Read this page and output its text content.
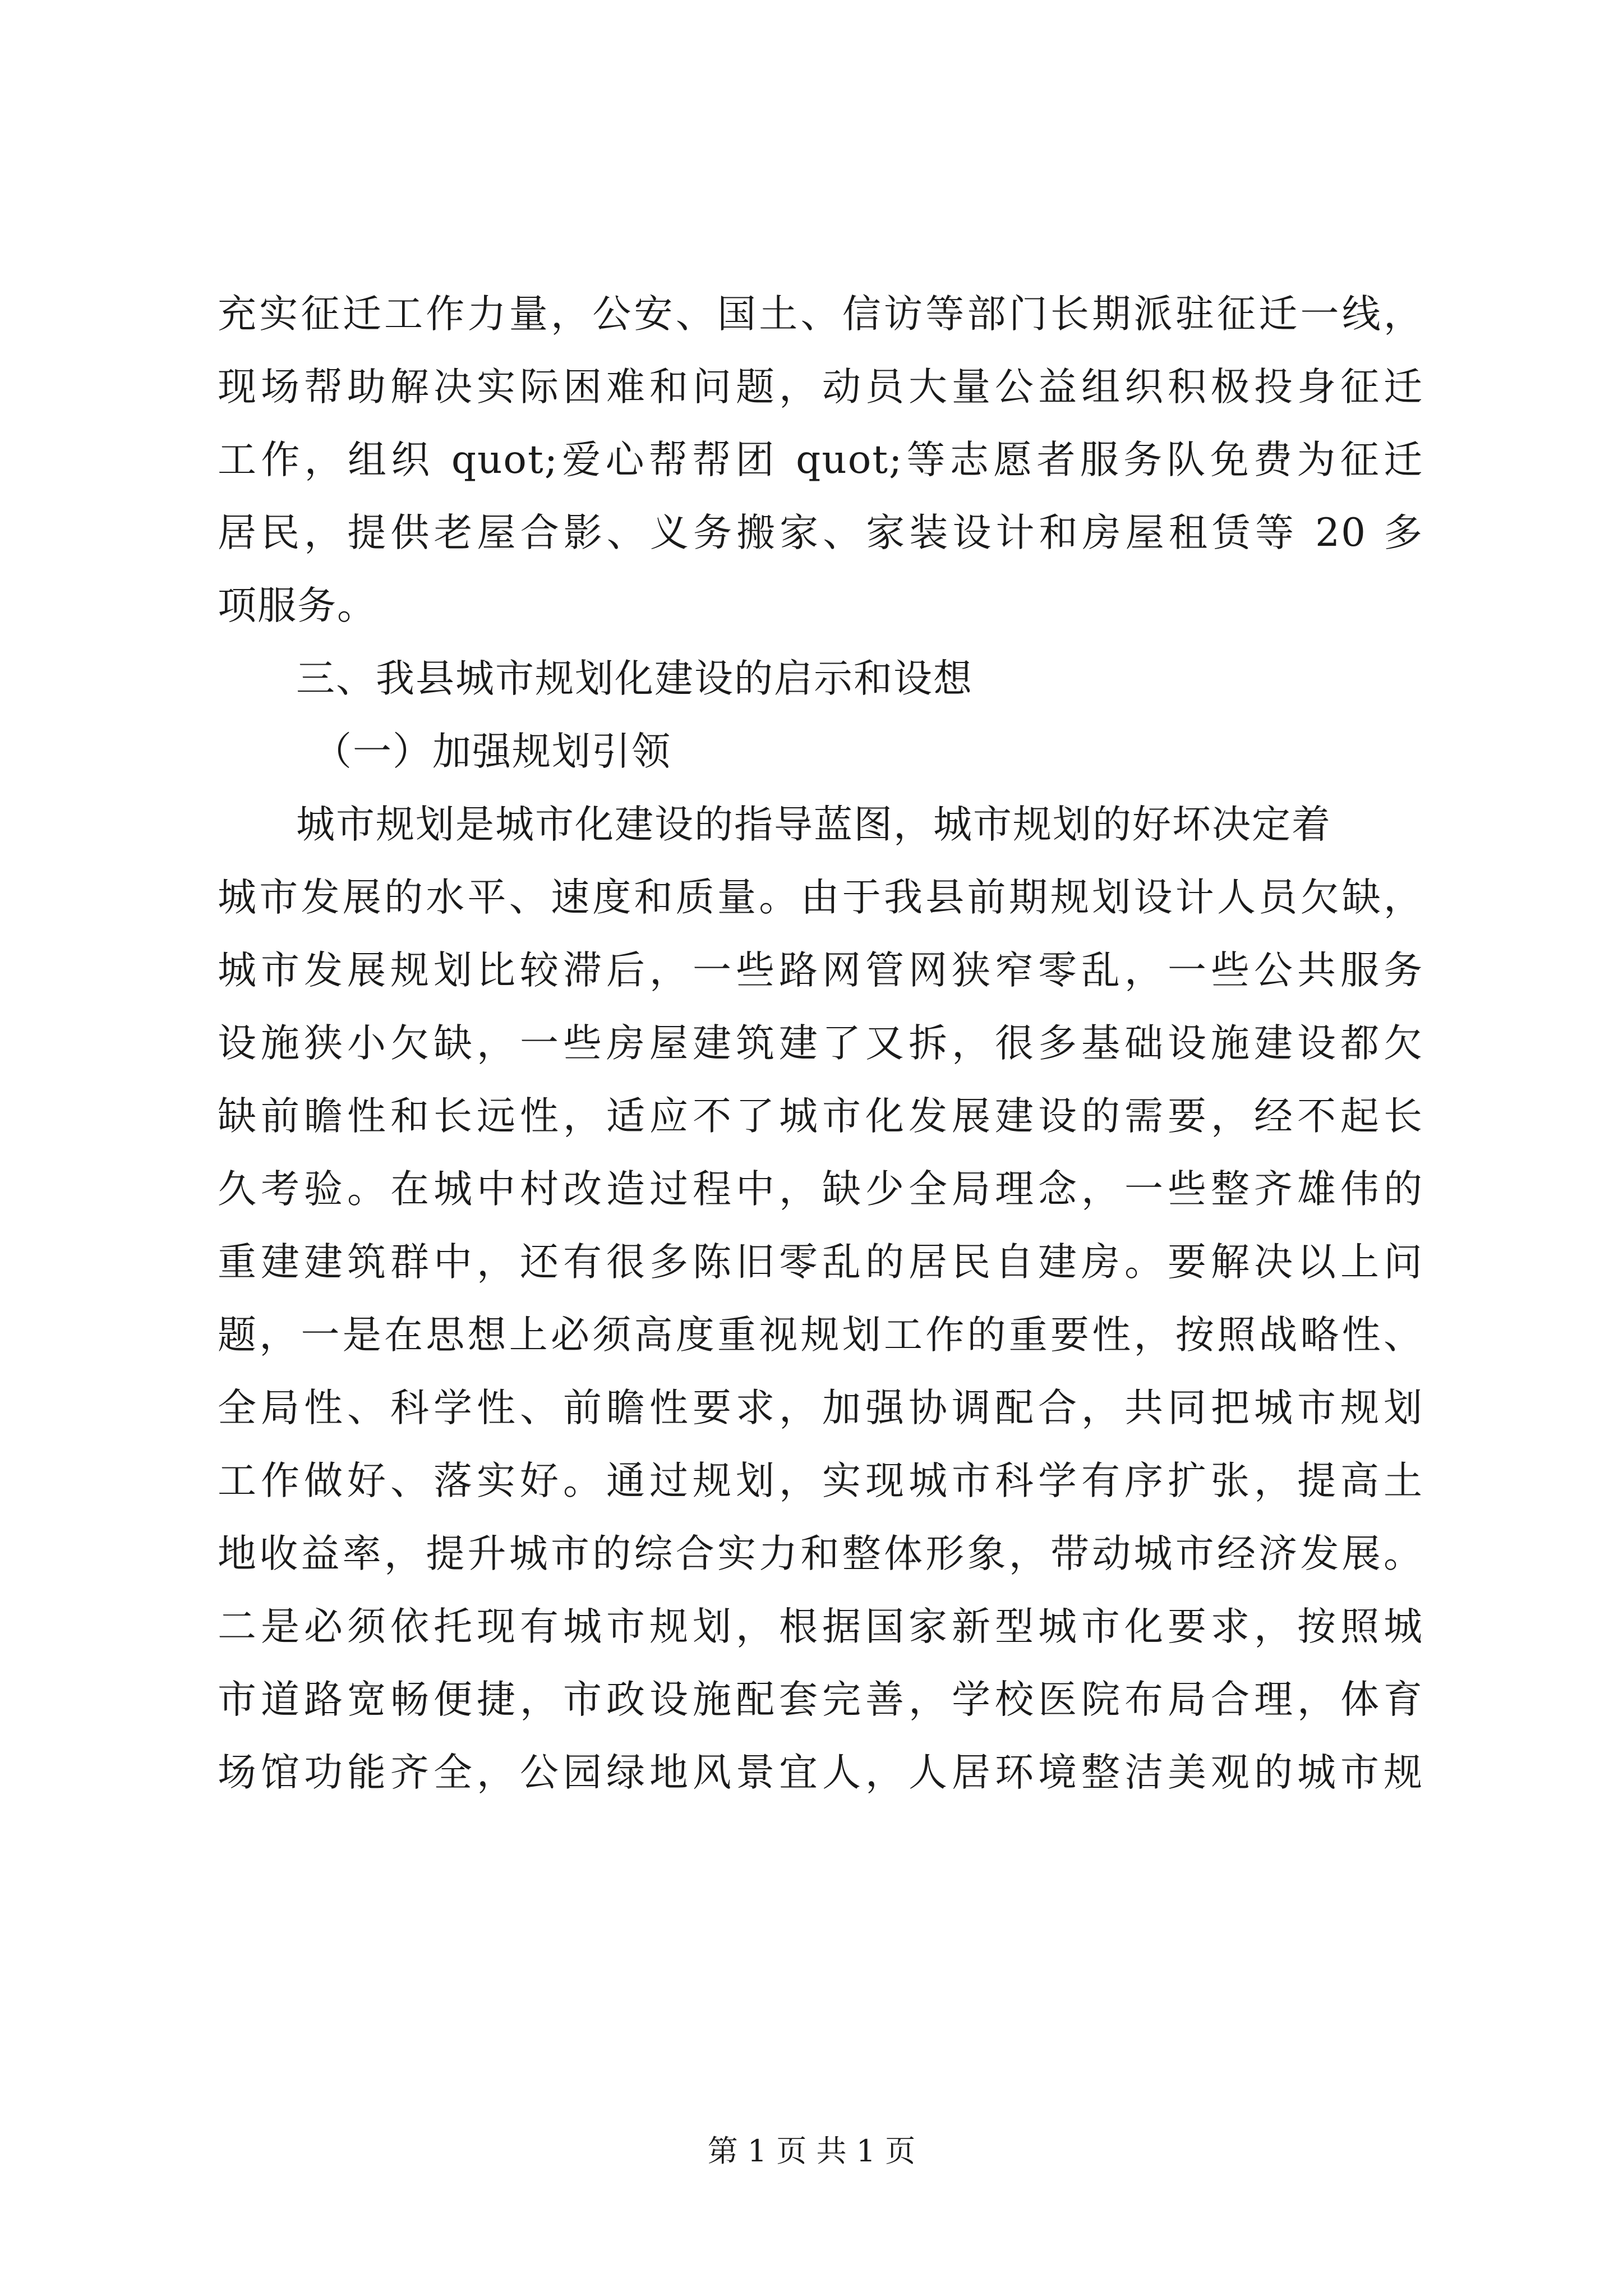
充实征迁工作力量，公安、国土、信访等部门长期派驻征迁一线，
现场帮助解决实际困难和问题，动员大量公益组织积极投身征迁
工作，组织 quot;爱心帮帮团 quot;等志愿者服务队免费为征迁
居民，提供老屋合影、义务搬家、家装设计和房屋租赁等 20 多
项服务。
三、我县城市规划化建设的启示和设想
（一）加强规划引领
城市规划是城市化建设的指导蓝图，城市规划的好坏决定着
城市发展的水平、速度和质量。由于我县前期规划设计人员欠缺，
城市发展规划比较滞后，一些路网管网狭窄零乱，一些公共服务
设施狭小欠缺，一些房屋建筑建了又拆，很多基础设施建设都欠
缺前瞻性和长远性，适应不了城市化发展建设的需要，经不起长
久考验。在城中村改造过程中，缺少全局理念，一些整齐雄伟的
重建建筑群中，还有很多陈旧零乱的居民自建房。要解决以上问
题，一是在思想上必须高度重视规划工作的重要性，按照战略性、
全局性、科学性、前瞻性要求，加强协调配合，共同把城市规划
工作做好、落实好。通过规划，实现城市科学有序扩张，提高土
地收益率，提升城市的综合实力和整体形象，带动城市经济发展。
二是必须依托现有城市规划，根据国家新型城市化要求，按照城
市道路宽畅便捷，市政设施配套完善，学校医院布局合理，体育
场馆功能齐全，公园绿地风景宜人，人居环境整洁美观的城市规
第 1 页 共 1 页
